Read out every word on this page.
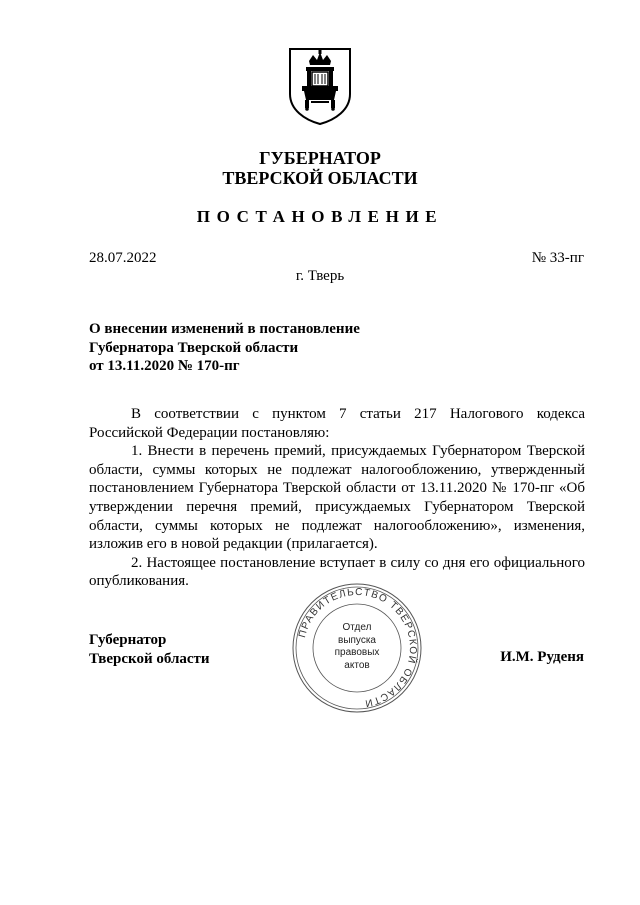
ГУБЕРНАТОР
ТВЕРСКОЙ ОБЛАСТИ
ПОСТАНОВЛЕНИЕ
28.07.2022	№ 33-пг
г. Тверь
О внесении изменений в постановление
Губернатора Тверской области
от 13.11.2020 № 170-пг

В соответствии с пунктом 7 статьи 217 Налогового кодекса Российской Федерации постановляю:

1. Внести в перечень премий, присуждаемых Губернатором Тверской области, суммы которых не подлежат налогообложению, утвержденный постановлением Губернатора Тверской области от 13.11.2020 № 170-пг «Об утверждении перечня премий, присуждаемых Губернатором Тверской области, суммы которых не подлежат налогообложению», изменения, изложив его в новой редакции (прилагается).

2. Настоящее постановление вступает в силу со дня его официального опубликования.

Губернатор
Тверской области	И.М. Руденя
ПРАВИТЕЛЬСТВО ТВЕРСКОЙ ОБЛАСТИ
Отдел
выпуска
правовых
актов
